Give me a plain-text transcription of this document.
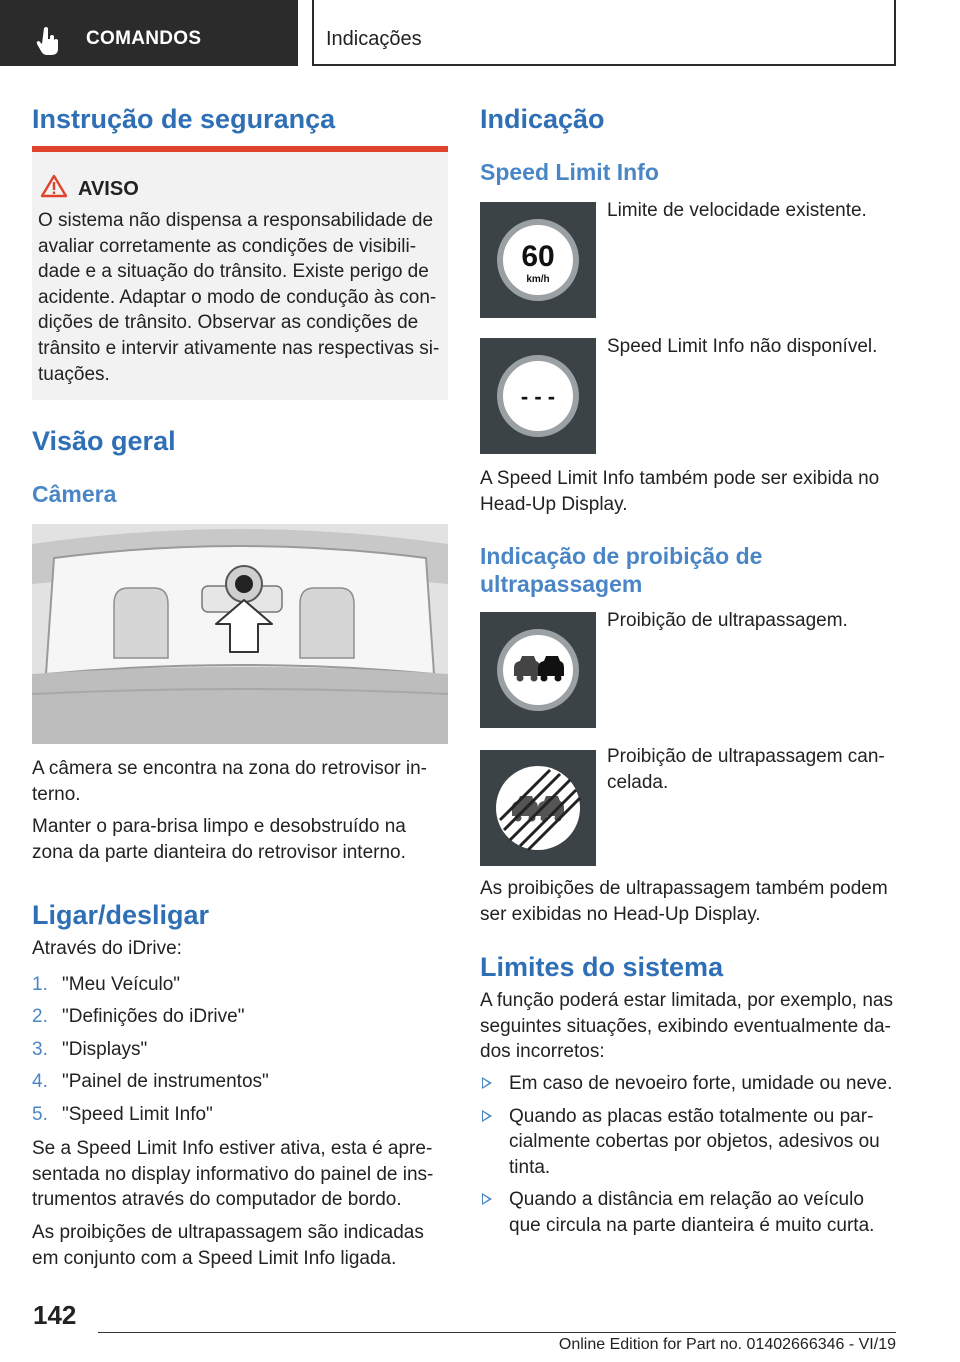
COMANDOS	Indicações
Instrução de segurança
AVISO
O sistema não dispensa a responsabilidade de avaliar corretamente as condições de visibili-dade e a situação do trânsito. Existe perigo de acidente. Adaptar o modo de condução às con-dições de trânsito. Observar as condições de trânsito e intervir ativamente nas respectivas si-tuações.
Visão geral
Câmera
A câmera se encontra na zona do retrovisor in-terno.
Manter o para-brisa limpo e desobstruído na zona da parte dianteira do retrovisor interno.
Ligar/desligar
Através do iDrive:
1. "Meu Veículo"
2. "Definições do iDrive"
3. "Displays"
4. "Painel de instrumentos"
5. "Speed Limit Info"
Se a Speed Limit Info estiver ativa, esta é apre-sentada no display informativo do painel de ins-trumentos através do computador de bordo.
As proibições de ultrapassagem são indicadas em conjunto com a Speed Limit Info ligada.
Indicação
Speed Limit Info
60
km/h
Limite de velocidade existente.
- - -
Speed Limit Info não disponível.
A Speed Limit Info também pode ser exibida no Head-Up Display.
Indicação de proibição de ultrapassagem
Proibição de ultrapassagem.
Proibição de ultrapassagem can-celada.
As proibições de ultrapassagem também podem ser exibidas no Head-Up Display.
Limites do sistema
A função poderá estar limitada, por exemplo, nas seguintes situações, exibindo eventualmente da-dos incorretos:
Em caso de nevoeiro forte, umidade ou neve.
Quando as placas estão totalmente ou par-cialmente cobertas por objetos, adesivos ou tinta.
Quando a distância em relação ao veículo que circula na parte dianteira é muito curta.
142
Online Edition for Part no. 01402666346 - VI/19
